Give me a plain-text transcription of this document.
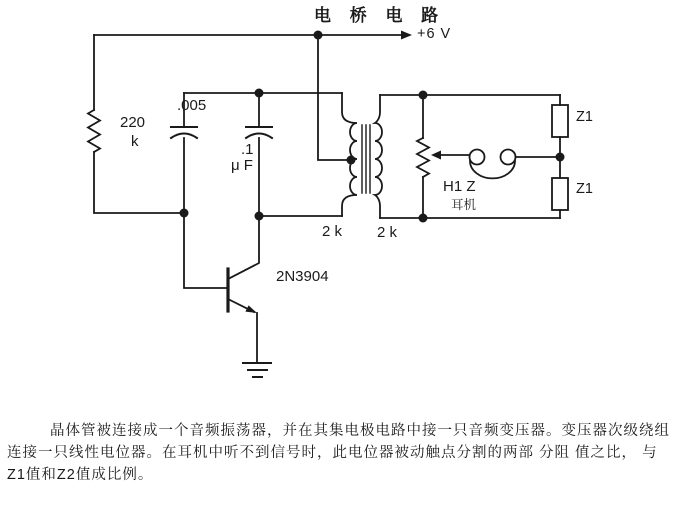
电 桥 电 路
+6 V
220
k
.005
.1
μ F
2N3904
2 k 2 k
H1 Z
耳机
Z1
Z1
晶体管被连接成一个音频振荡器，并在其集电极电路中接一只音频变压器。变压器次级绕组
连接一只线性电位器。在耳机中听不到信号时，此电位器被动触点分割的两部 分阻 值之比， 与
Z1值和Z2值成比例。
